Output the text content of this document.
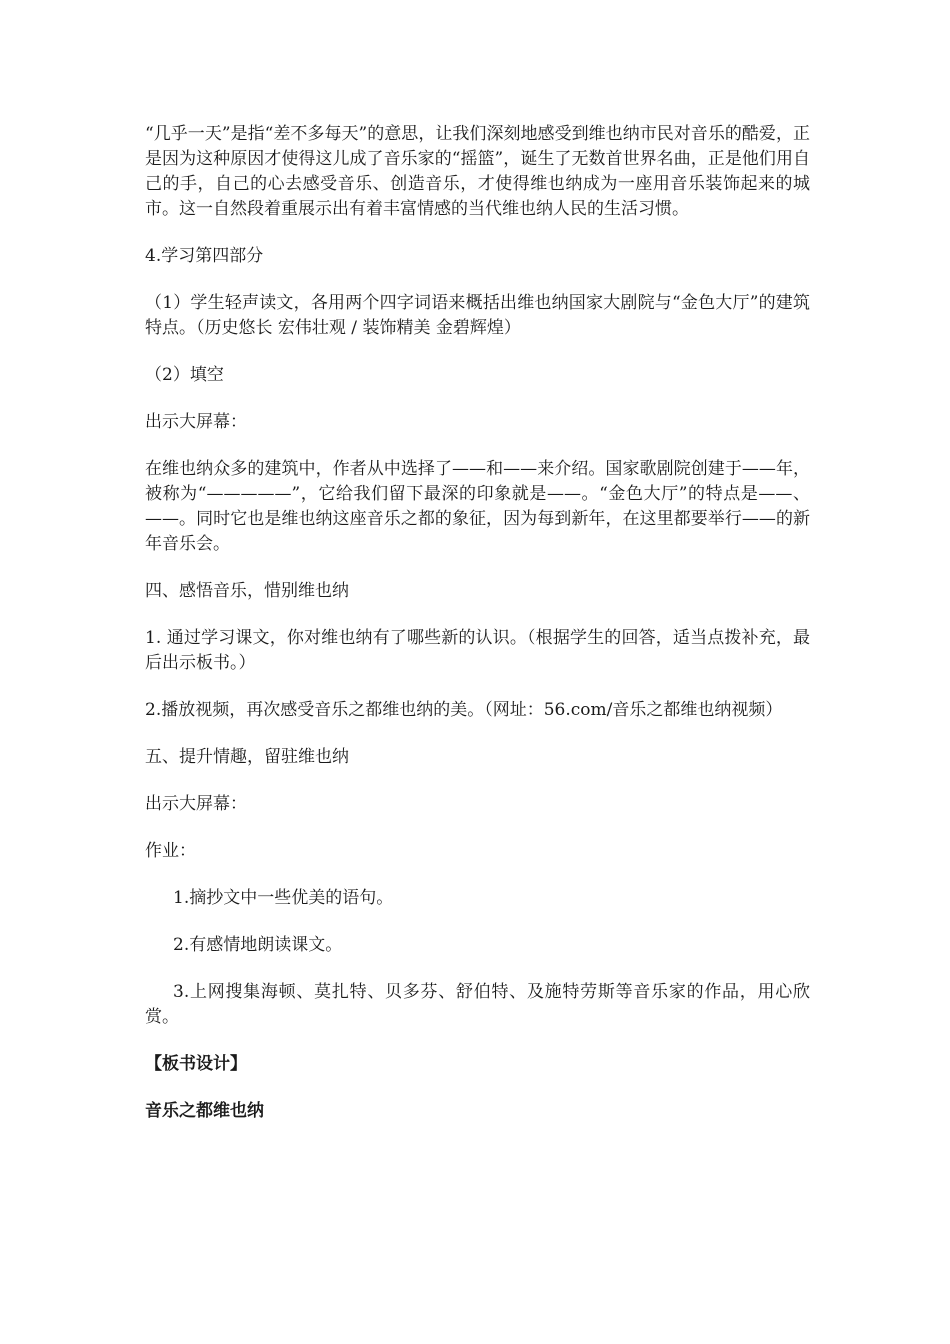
“几乎一天”是指“差不多每天”的意思，让我们深刻地感受到维也纳市民对音乐的酷爱，正是因为这种原因才使得这儿成了音乐家的“摇篮”，诞生了无数首世界名曲，正是他们用自己的手，自己的心去感受音乐、创造音乐，才使得维也纳成为一座用音乐装饰起来的城市。这一自然段着重展示出有着丰富情感的当代维也纳人民的生活习惯。

4.学习第四部分

（1）学生轻声读文，各用两个四字词语来概括出维也纳国家大剧院与“金色大厅”的建筑特点。（历史悠长 宏伟壮观 / 装饰精美 金碧辉煌）

（2）填空

出示大屏幕：

在维也纳众多的建筑中，作者从中选择了——和——来介绍。国家歌剧院创建于——年，被称为“—————”，它给我们留下最深的印象就是——。“金色大厅”的特点是——、——。同时它也是维也纳这座音乐之都的象征，因为每到新年，在这里都要举行——的新年音乐会。

四、感悟音乐，惜别维也纳

1. 通过学习课文，你对维也纳有了哪些新的认识。（根据学生的回答，适当点拨补充，最后出示板书。）

2.播放视频，再次感受音乐之都维也纳的美。（网址：56.com/音乐之都维也纳视频）

五、提升情趣，留驻维也纳

出示大屏幕：

作业：

1.摘抄文中一些优美的语句。

2.有感情地朗读课文。

3.上网搜集海顿、莫扎特、贝多芬、舒伯特、及施特劳斯等音乐家的作品，用心欣赏。

【板书设计】

音乐之都维也纳
